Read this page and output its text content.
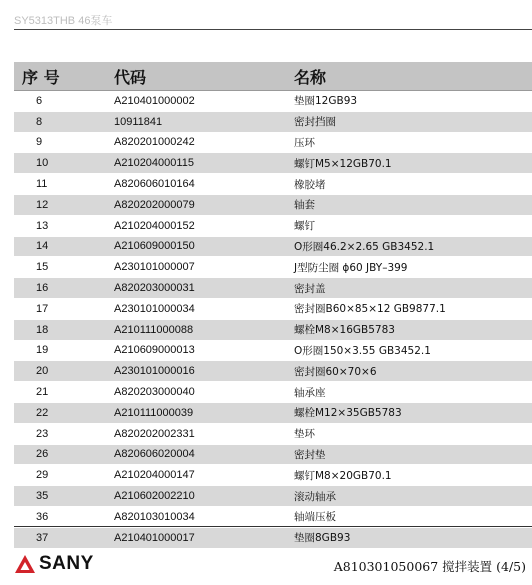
SY5313THB 46泵车
序 号	代码	名称
6	A210401000002	垫圈12GB93
8	10911841	密封挡圈
9	A820201000242	压环
10	A210204000115	螺钉M5×12GB70.1
11	A820606010164	橡胶堵
12	A820202000079	轴套
13	A210204000152	螺钉
14	A210609000150	O形圈46.2×2.65 GB3452.1
15	A230101000007	J型防尘圈 ϕ60 JBY–399
16	A820203000031	密封盖
17	A230101000034	密封圈B60×85×12 GB9877.1
18	A210111000088	螺栓M8×16GB5783
19	A210609000013	O形圈150×3.55 GB3452.1
20	A230101000016	密封圈60×70×6
21	A820203000040	轴承座
22	A210111000039	螺栓M12×35GB5783
23	A820202002331	垫环
26	A820606020004	密封垫
29	A210204000147	螺钉M8×20GB70.1
35	A210602002210	滚动轴承
36	A820103010034	轴端压板
37	A210401000017	垫圈8GB93
SANY	A810301050067 搅拌装置 (4/5)
